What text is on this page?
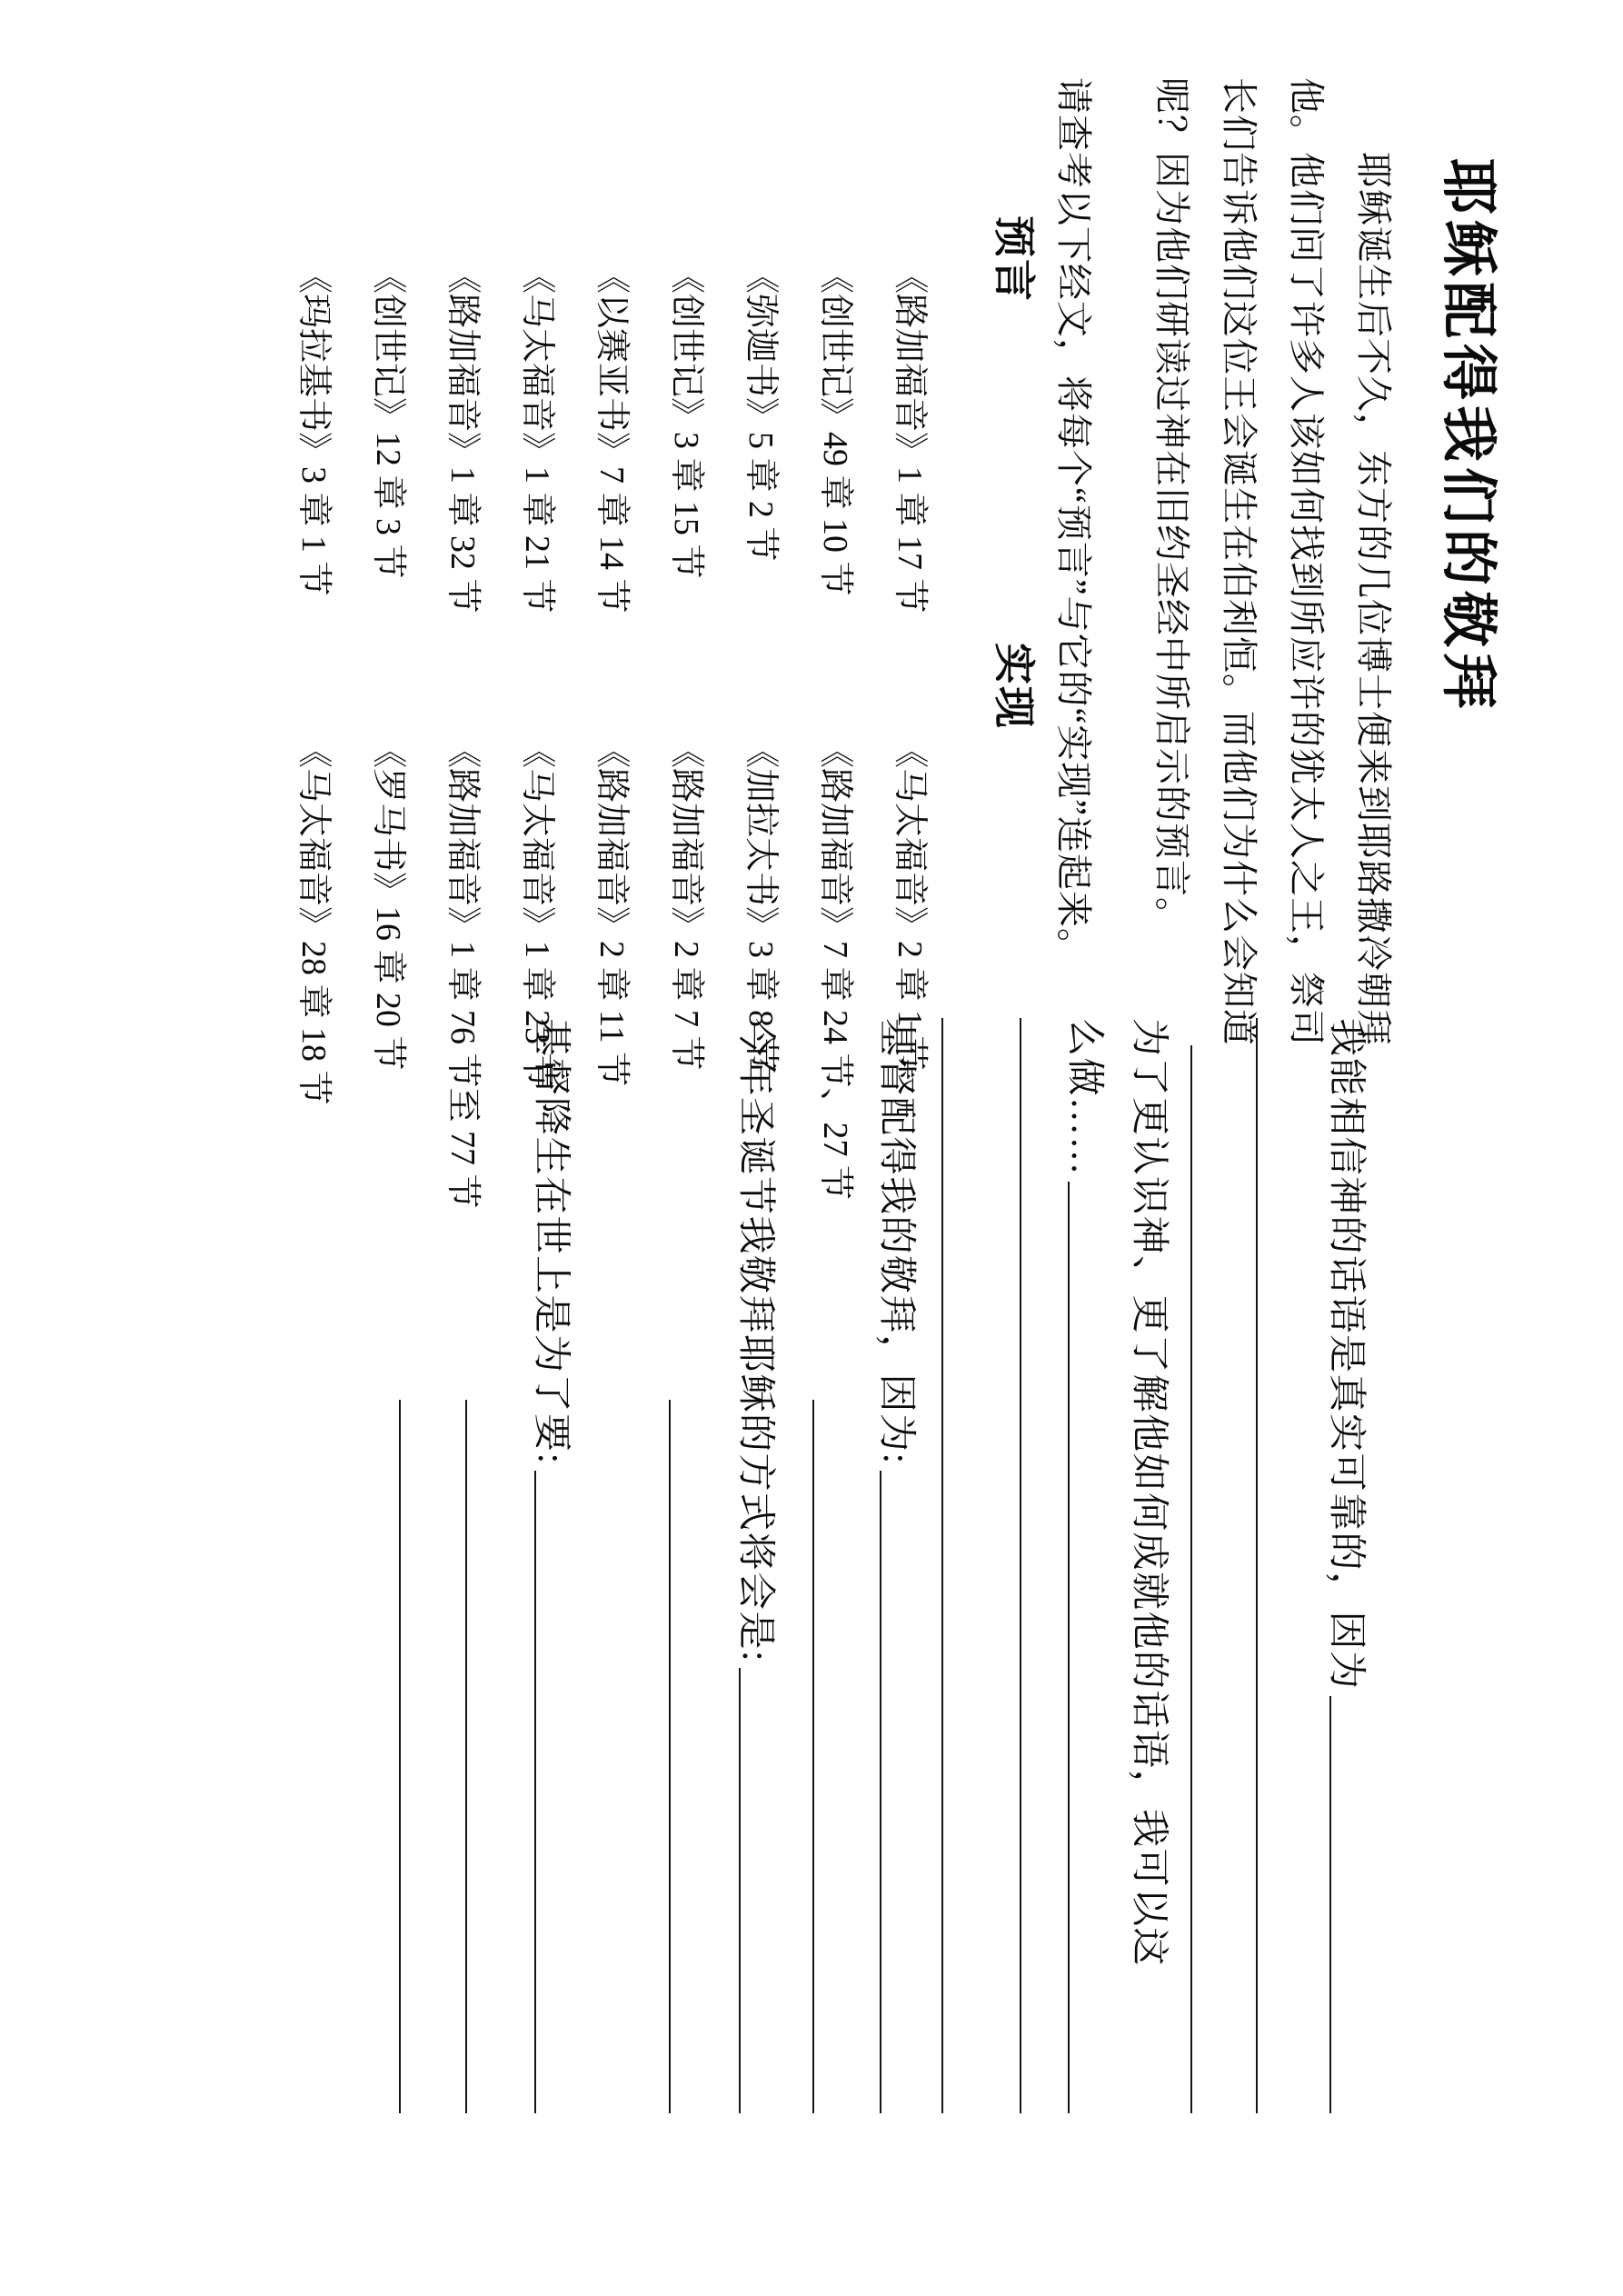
耶稣配得我们的敬拜
耶稣诞生后不久，东方的几位博士便来到耶路撒冷朝拜
他。他们问了许多人该如何找到所应许的犹太人之王，祭司
长们告诉他们这位王会诞生在伯利恒。而他们为什么会知道
呢？因为他们研读过神在旧约圣经中所启示的预言。
请查考以下经文，将每个“预言”与它的“实现”连起来。
预言
实现
《路加福音》1 章 17 节
《马太福音》2 章 1 节
《创世记》49 章 10 节
《路加福音》7 章 24 节、27 节
《弥迦书》5 章 2 节
《加拉太书》3 章 8 节
《创世记》3 章 15 节
《路加福音》2 章 7 节
《以赛亚书》7 章 14 节
《路加福音》2 章 11 节
《马太福音》1 章 21 节
《马太福音》1 章 23 节
《路加福音》1 章 32 节
《路加福音》1 章 76 节至 77 节
《创世记》12 章 3 节
《罗马书》16 章 20 节
《玛拉基书》3 章 1 节
《马太福音》28 章 18 节
我能相信神的话语是真实可靠的，因为
为了更认识神、更了解他如何成就他的话语，我可以这
么做……
基督配得我的敬拜，因为:
今年圣诞节我敬拜耶稣的方式将会是:
基督降生在世上是为了要:
